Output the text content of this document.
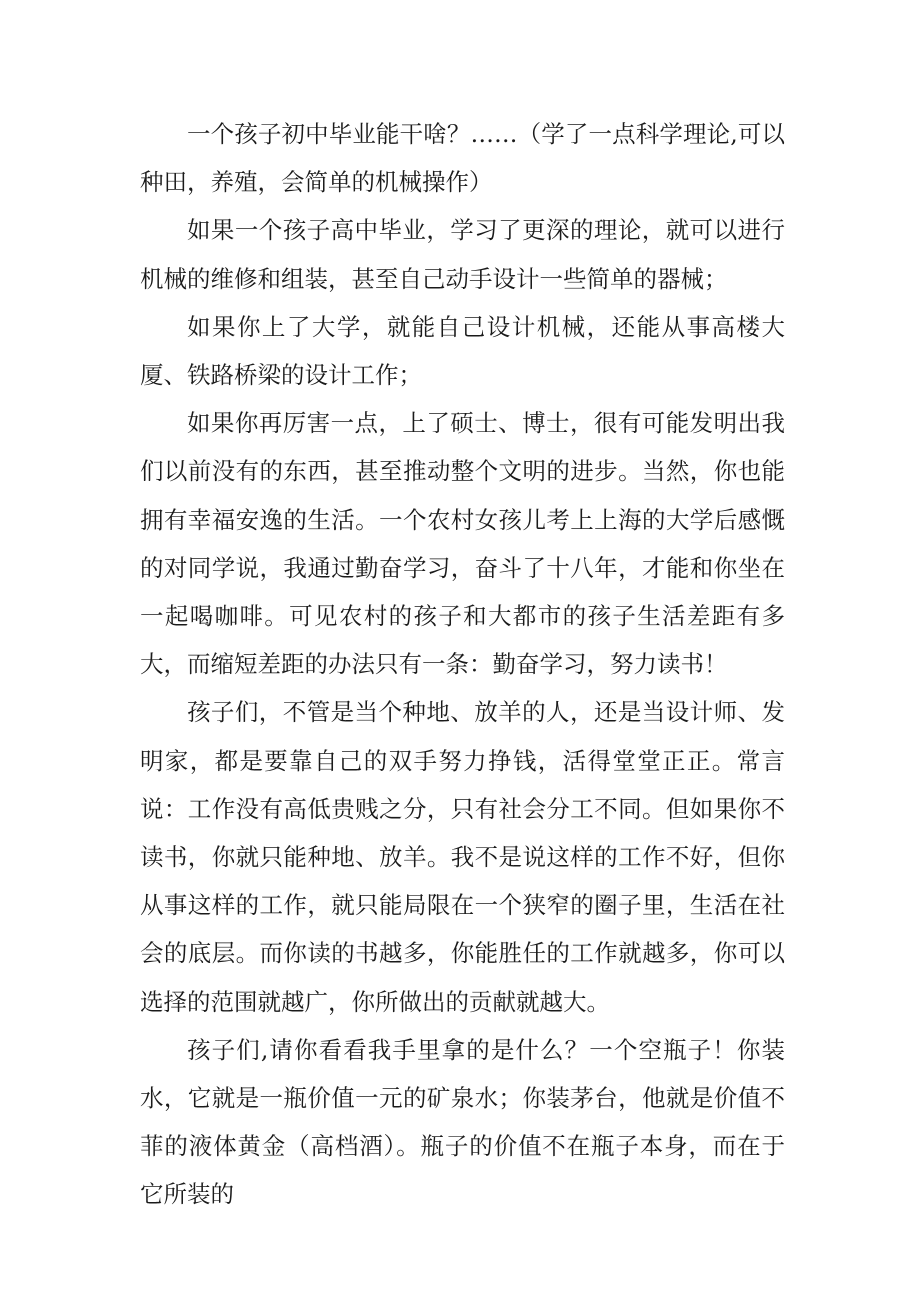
一个孩子初中毕业能干啥？……（学了一点科学理论,可以种田，养殖，会简单的机械操作）

如果一个孩子高中毕业，学习了更深的理论，就可以进行机械的维修和组装，甚至自己动手设计一些简单的器械；

如果你上了大学，就能自己设计机械，还能从事高楼大厦、铁路桥梁的设计工作；

如果你再厉害一点，上了硕士、博士，很有可能发明出我们以前没有的东西，甚至推动整个文明的进步。当然，你也能拥有幸福安逸的生活。一个农村女孩儿考上上海的大学后感慨的对同学说，我通过勤奋学习，奋斗了十八年，才能和你坐在一起喝咖啡。可见农村的孩子和大都市的孩子生活差距有多大，而缩短差距的办法只有一条：勤奋学习，努力读书！

孩子们，不管是当个种地、放羊的人，还是当设计师、发明家，都是要靠自己的双手努力挣钱，活得堂堂正正。常言说：工作没有高低贵贱之分，只有社会分工不同。但如果你不读书，你就只能种地、放羊。我不是说这样的工作不好，但你从事这样的工作，就只能局限在一个狭窄的圈子里，生活在社会的底层。而你读的书越多，你能胜任的工作就越多，你可以选择的范围就越广，你所做出的贡献就越大。

孩子们,请你看看我手里拿的是什么？一个空瓶子！你装水，它就是一瓶价值一元的矿泉水；你装茅台，他就是价值不菲的液体黄金（高档酒）。瓶子的价值不在瓶子本身，而在于它所装的
